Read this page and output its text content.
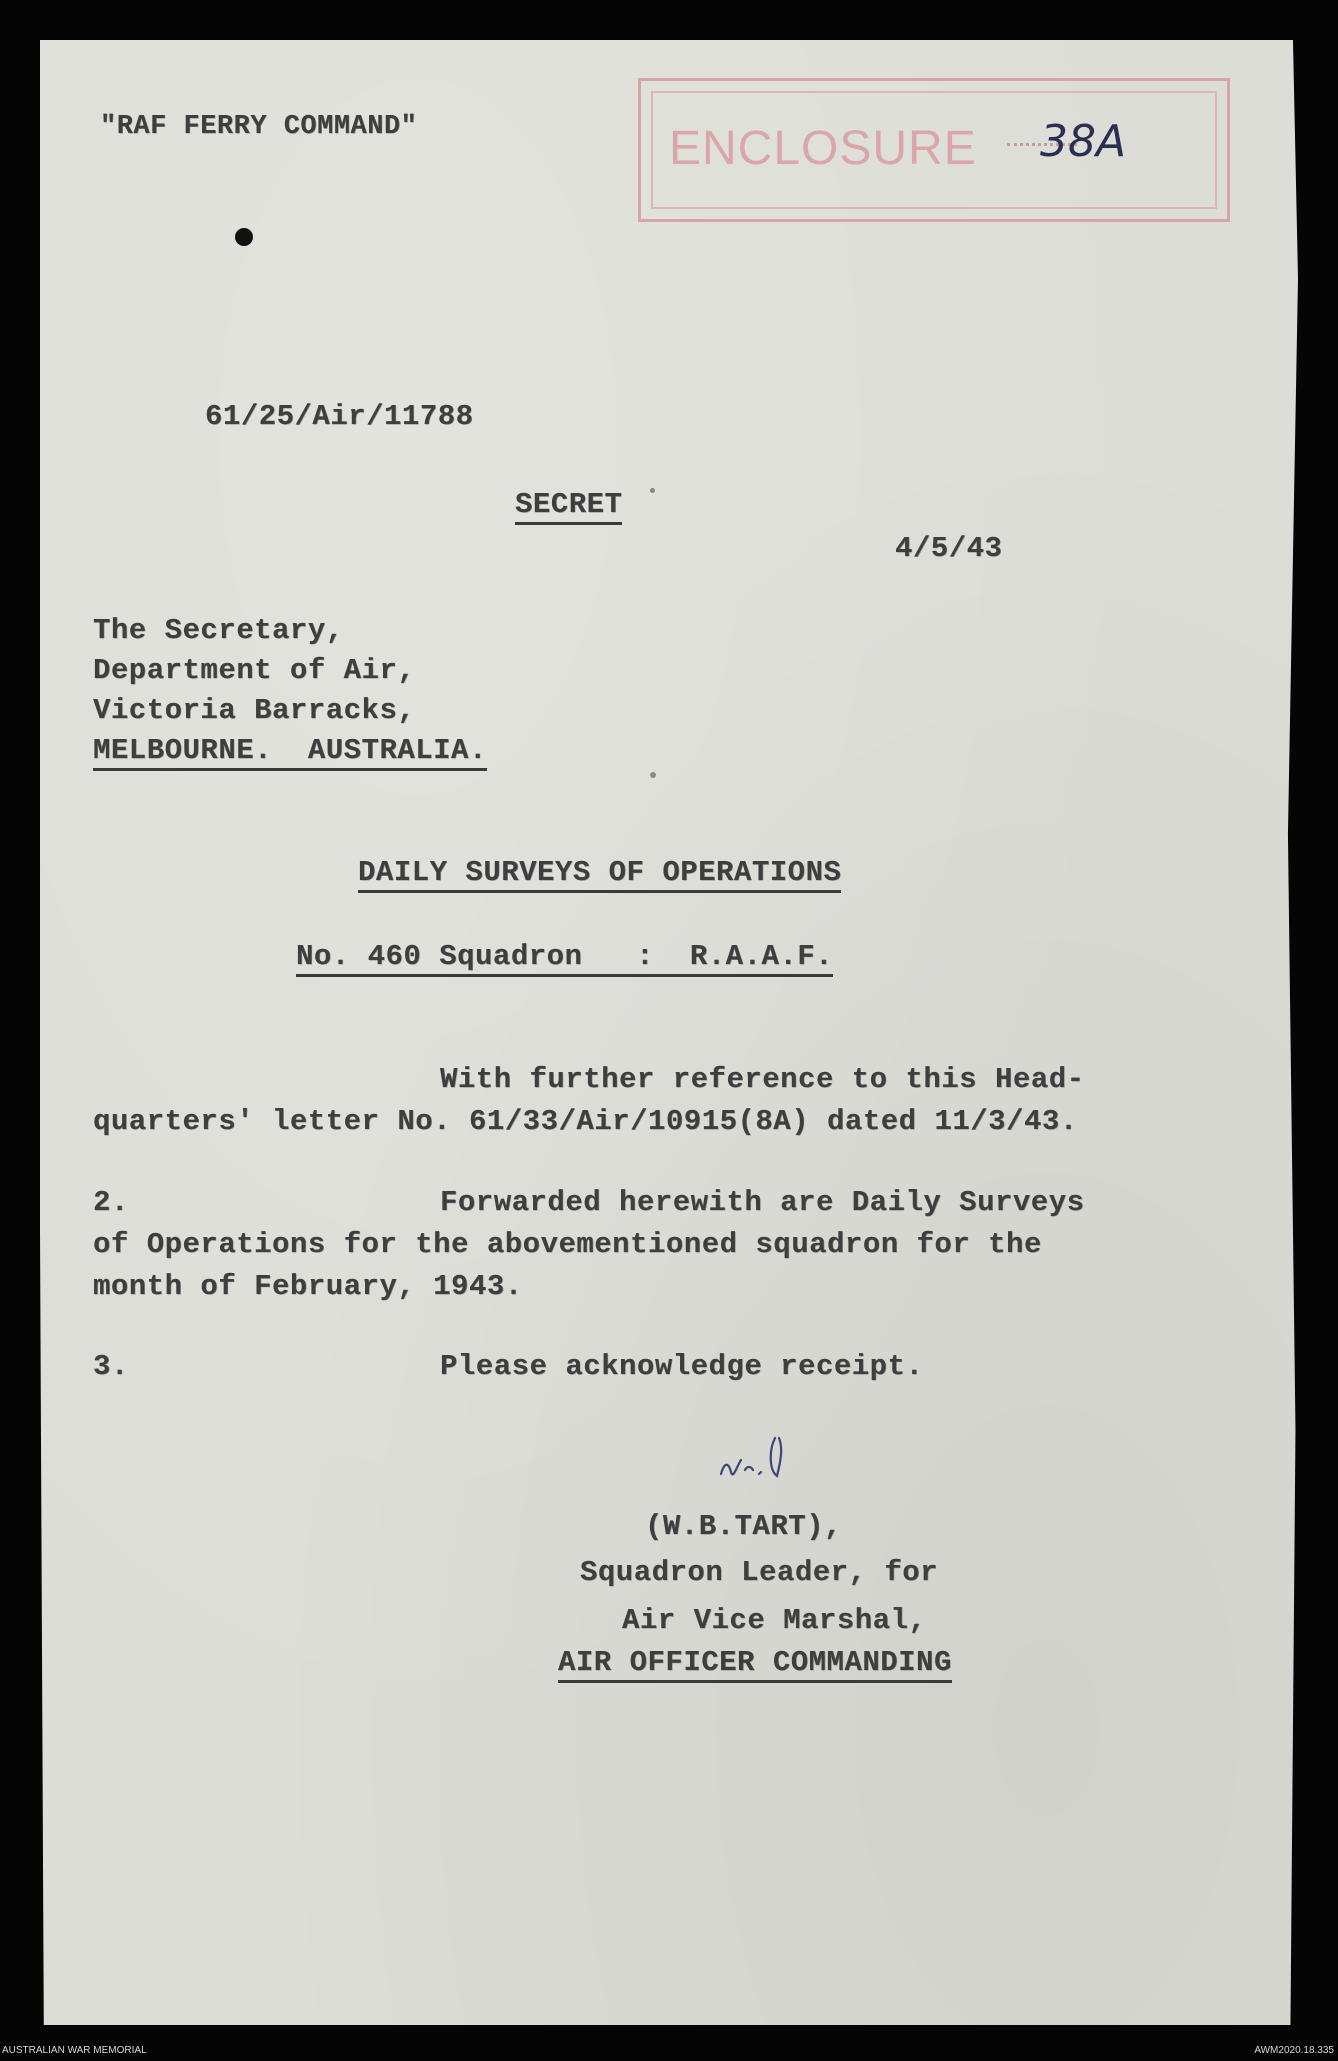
"RAF FERRY COMMAND"	ENCLOSURE 38A
61/25/Air/11788
SECRET
4/5/43
The Secretary,
Department of Air,
Victoria Barracks,
MELBOURNE.  AUSTRALIA.
DAILY SURVEYS OF OPERATIONS
No. 460 Squadron   :  R.A.A.F.
With further reference to this Head-
quarters' letter No. 61/33/Air/10915(8A) dated 11/3/43.
2.	Forwarded herewith are Daily Surveys
of Operations for the abovementioned squadron for the
month of February, 1943.
3.	Please acknowledge receipt.
(W.B.TART),
Squadron Leader, for
Air Vice Marshal,
AIR OFFICER COMMANDING
AUSTRALIAN WAR MEMORIAL	AWM2020.18.335
